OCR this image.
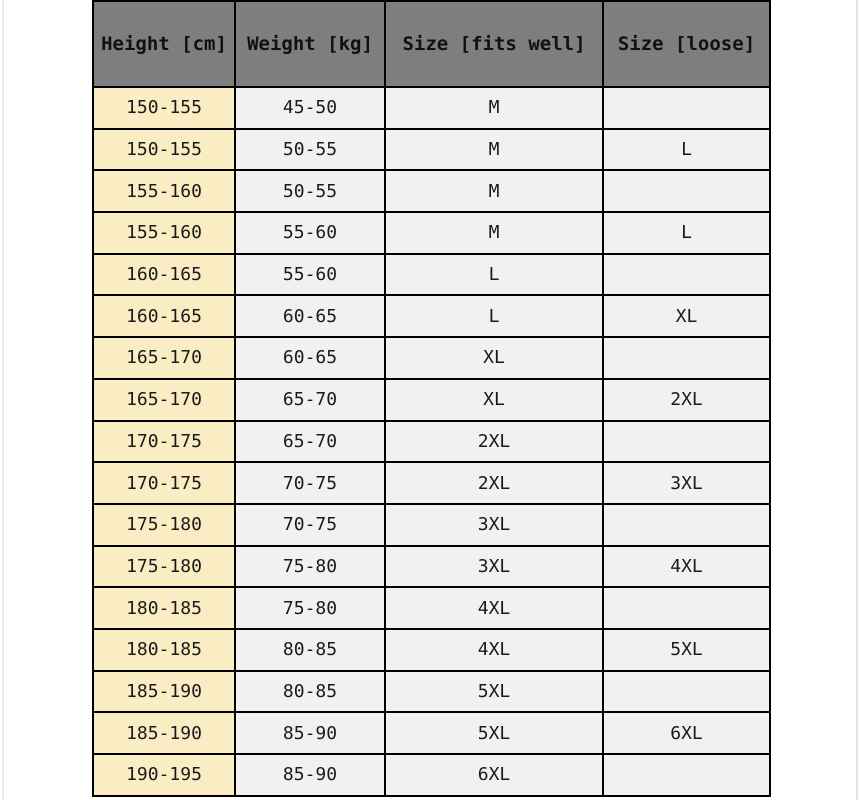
Height [cm]	Weight [kg]	Size [fits well]	Size [loose]
150-155	45-50	M	
150-155	50-55	M	L
155-160	50-55	M	
155-160	55-60	M	L
160-165	55-60	L	
160-165	60-65	L	XL
165-170	60-65	XL	
165-170	65-70	XL	2XL
170-175	65-70	2XL	
170-175	70-75	2XL	3XL
175-180	70-75	3XL	
175-180	75-80	3XL	4XL
180-185	75-80	4XL	
180-185	80-85	4XL	5XL
185-190	80-85	5XL	
185-190	85-90	5XL	6XL
190-195	85-90	6XL	
